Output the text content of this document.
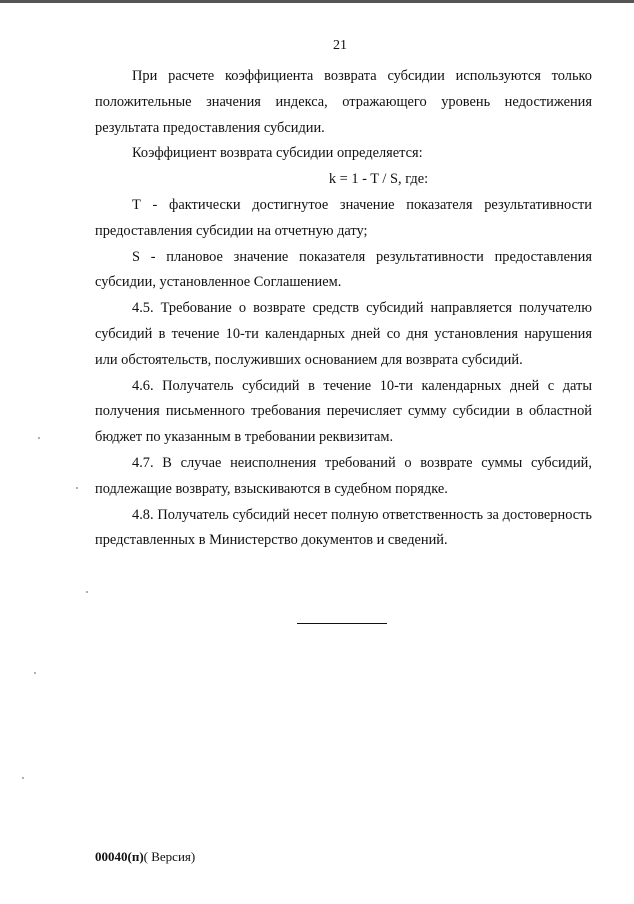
21

При расчете коэффициента возврата субсидии используются только положительные значения индекса, отражающего уровень недостижения результата предоставления субсидии.

Коэффициент возврата субсидии определяется:

k = 1 - T / S, где:

Т - фактически достигнутое значение показателя результативности предоставления субсидии на отчетную дату;

S - плановое значение показателя результативности предоставления субсидии, установленное Соглашением.

4.5. Требование о возврате средств субсидий направляется получателю субсидий в течение 10-ти календарных дней со дня установления нарушения или обстоятельств, послуживших основанием для возврата субсидий.

4.6. Получатель субсидий в течение 10-ти календарных дней с даты получения письменного требования перечисляет сумму субсидии в областной бюджет по указанным в требовании реквизитам.

4.7. В случае неисполнения требований о возврате суммы субсидий, подлежащие возврату, взыскиваются в судебном порядке.

4.8. Получатель субсидий несет полную ответственность за достоверность представленных в Министерство документов и сведений.

00040(п)( Версия)
